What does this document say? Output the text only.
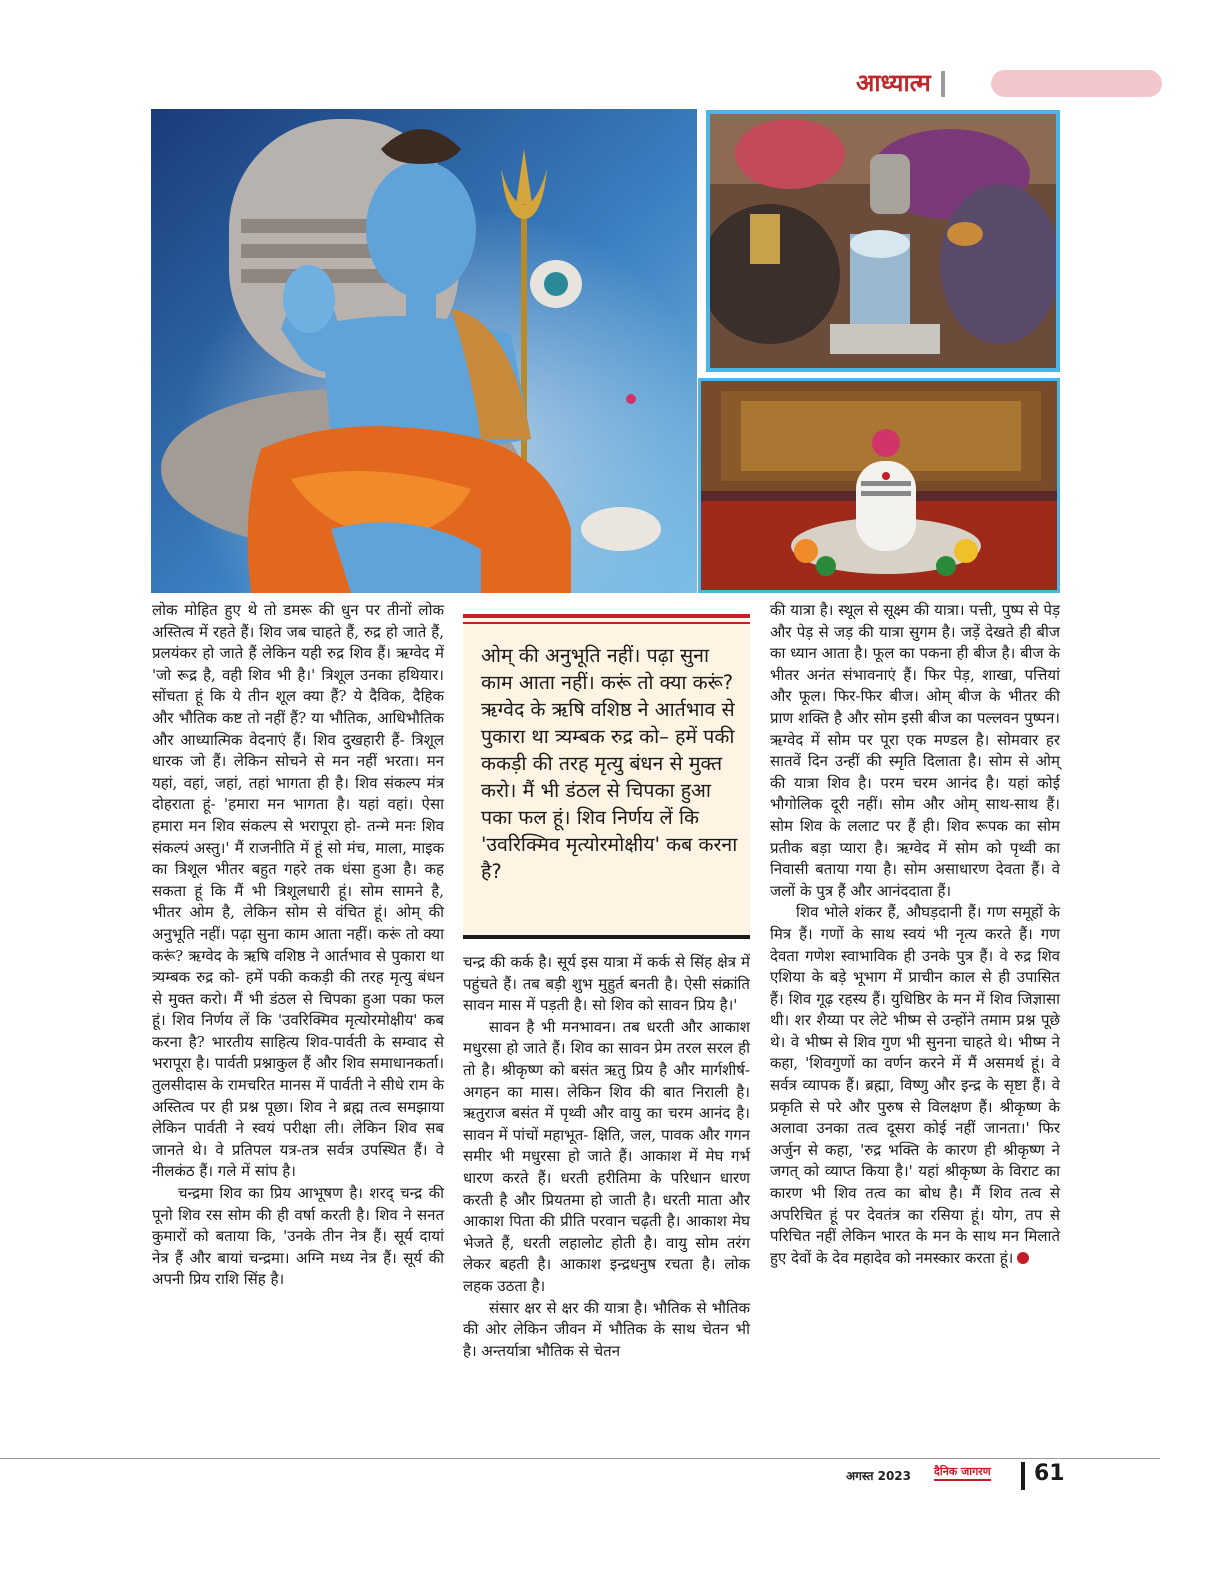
आध्यात्म

लोक मोहित हुए थे तो डमरू की धुन पर तीनों लोक अस्तित्व में रहते हैं। शिव जब चाहते हैं, रुद्र हो जाते हैं, प्रलयंकर हो जाते हैं लेकिन यही रुद्र शिव हैं। ऋग्वेद में 'जो रूद्र है, वही शिव भी है।' त्रिशूल उनका हथियार। सोंचता हूं कि ये तीन शूल क्या हैं? ये दैविक, दैहिक और भौतिक कष्ट तो नहीं हैं? या भौतिक, आधिभौतिक और आध्यात्मिक वेदनाएं हैं। शिव दुखहारी हैं- त्रिशूल धारक जो हैं। लेकिन सोचने से मन नहीं भरता। मन यहां, वहां, जहां, तहां भागता ही है। शिव संकल्प मंत्र दोहराता हूं- 'हमारा मन भागता है। यहां वहां। ऐसा हमारा मन शिव संकल्प से भरापूरा हो- तन्मे मनः शिव संकल्पं अस्तु।' मैं राजनीति में हूं सो मंच, माला, माइक का त्रिशूल भीतर बहुत गहरे तक धंसा हुआ है। कह सकता हूं कि मैं भी त्रिशूलधारी हूं। सोम सामने है, भीतर ओम है, लेकिन सोम से वंचित हूं। ओम् की अनुभूति नहीं। पढ़ा सुना काम आता नहीं। करूं तो क्या करूं? ऋग्वेद के ऋषि वशिष्ठ ने आर्तभाव से पुकारा था त्र्यम्बक रुद्र को- हमें पकी ककड़ी की तरह मृत्यु बंधन से मुक्त करो। मैं भी डंठल से चिपका हुआ पका फल हूं। शिव निर्णय लें कि 'उवरिक्मिव मृत्योरमोक्षीय' कब करना है? भारतीय साहित्य शिव-पार्वती के सम्वाद से भरापूरा है। पार्वती प्रश्नाकुल हैं और शिव समाधानकर्ता। तुलसीदास के रामचरित मानस में पार्वती ने सीधे राम के अस्तित्व पर ही प्रश्न पूछा। शिव ने ब्रह्म तत्व समझाया लेकिन पार्वती ने स्वयं परीक्षा ली। लेकिन शिव सब जानते थे। वे प्रतिपल यत्र-तत्र सर्वत्र उपस्थित हैं। वे नीलकंठ हैं। गले में सांप है।

चन्द्रमा शिव का प्रिय आभूषण है। शरद् चन्द्र की पूनो शिव रस सोम की ही वर्षा करती है। शिव ने सनत कुमारों को बताया कि, 'उनके तीन नेत्र हैं। सूर्य दायां नेत्र हैं और बायां चन्द्रमा। अग्नि मध्य नेत्र हैं। सूर्य की अपनी प्रिय राशि सिंह है।

ओम् की अनुभूति नहीं। पढ़ा सुना काम आता नहीं। करूं तो क्या करूं? ऋग्वेद के ऋषि वशिष्ठ ने आर्तभाव से पुकारा था त्र्यम्बक रुद्र को– हमें पकी ककड़ी की तरह मृत्यु बंधन से मुक्त करो। मैं भी डंठल से चिपका हुआ पका फल हूं। शिव निर्णय लें कि 'उवरिक्मिव मृत्योरमोक्षीय' कब करना है?

चन्द्र की कर्क है। सूर्य इस यात्रा में कर्क से सिंह क्षेत्र में पहुंचते हैं। तब बड़ी शुभ मुहुर्त बनती है। ऐसी संक्रांति सावन मास में पड़ती है। सो शिव को सावन प्रिय है।'

सावन है भी मनभावन। तब धरती और आकाश मधुरसा हो जाते हैं। शिव का सावन प्रेम तरल सरल ही तो है। श्रीकृष्ण को बसंत ऋतु प्रिय है और मार्गशीर्ष- अगहन का मास। लेकिन शिव की बात निराली है। ऋतुराज बसंत में पृथ्वी और वायु का चरम आनंद है। सावन में पांचों महाभूत- क्षिति, जल, पावक और गगन समीर भी मधुरसा हो जाते हैं। आकाश में मेघ गर्भ धारण करते हैं। धरती हरीतिमा के परिधान धारण करती है और प्रियतमा हो जाती है। धरती माता और आकाश पिता की प्रीति परवान चढ़ती है। आकाश मेघ भेजते हैं, धरती लहालोट होती है। वायु सोम तरंग लेकर बहती है। आकाश इन्द्रधनुष रचता है। लोक लहक उठता है।

संसार क्षर से क्षर की यात्रा है। भौतिक से भौतिक की ओर लेकिन जीवन में भौतिक के साथ चेतन भी है। अन्तर्यात्रा भौतिक से चेतन

की यात्रा है। स्थूल से सूक्ष्म की यात्रा। पत्ती, पुष्प से पेड़ और पेड़ से जड़ की यात्रा सुगम है। जड़ें देखते ही बीज का ध्यान आता है। फूल का पकना ही बीज है। बीज के भीतर अनंत संभावनाएं हैं। फिर पेड़, शाखा, पत्तियां और फूल। फिर-फिर बीज। ओम् बीज के भीतर की प्राण शक्ति है और सोम इसी बीज का पल्लवन पुष्पन। ऋग्वेद में सोम पर पूरा एक मण्डल है। सोमवार हर सातवें दिन उन्हीं की स्मृति दिलाता है। सोम से ओम् की यात्रा शिव है। परम चरम आनंद है। यहां कोई भौगोलिक दूरी नहीं। सोम और ओम् साथ-साथ हैं। सोम शिव के ललाट पर हैं ही। शिव रूपक का सोम प्रतीक बड़ा प्यारा है। ऋग्वेद में सोम को पृथ्वी का निवासी बताया गया है। सोम असाधारण देवता हैं। वे जलों के पुत्र हैं और आनंददाता हैं।

शिव भोले शंकर हैं, औघड़दानी हैं। गण समूहों के मित्र हैं। गणों के साथ स्वयं भी नृत्य करते हैं। गण देवता गणेश स्वाभाविक ही उनके पुत्र हैं। वे रुद्र शिव एशिया के बड़े भूभाग में प्राचीन काल से ही उपासित हैं। शिव गूढ़ रहस्य हैं। युधिष्ठिर के मन में शिव जिज्ञासा थी। शर शैय्या पर लेटे भीष्म से उन्होंने तमाम प्रश्न पूछे थे। वे भीष्म से शिव गुण भी सुनना चाहते थे। भीष्म ने कहा, 'शिवगुणों का वर्णन करने में मैं असमर्थ हूं। वे सर्वत्र व्यापक हैं। ब्रह्मा, विष्णु और इन्द्र के सृष्टा हैं। वे प्रकृति से परे और पुरुष से विलक्षण हैं। श्रीकृष्ण के अलावा उनका तत्व दूसरा कोई नहीं जानता।' फिर अर्जुन से कहा, 'रुद्र भक्ति के कारण ही श्रीकृष्ण ने जगत् को व्याप्त किया है।' यहां श्रीकृष्ण के विराट का कारण भी शिव तत्व का बोध है। मैं शिव तत्व से अपरिचित हूं पर देवतंत्र का रसिया हूं। योग, तप से परिचित नहीं लेकिन भारत के मन के साथ मन मिलाते हुए देवों के देव महादेव को नमस्कार करता हूं।

अगस्त 2023 दैनिक जागरण 61
